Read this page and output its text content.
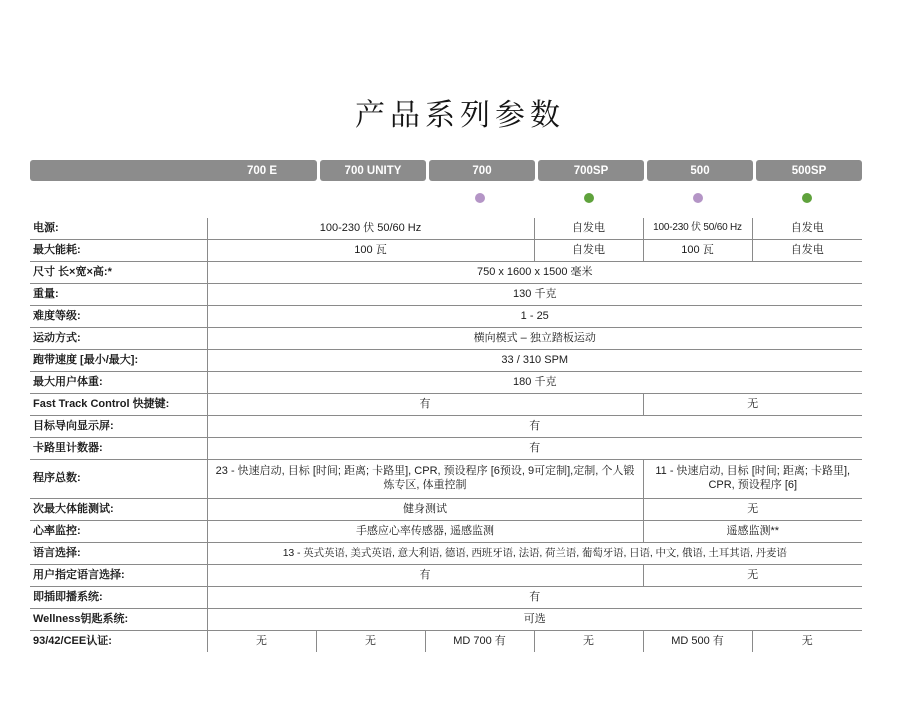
产品系列参数
700 E	700 UNITY	700	700SP	500	500SP
电源:	100-230 伏 50/60 Hz			自发电	100-230 伏 50/60 Hz	自发电
最大能耗:	100 瓦			自发电	100 瓦	自发电
尺寸 长×宽×高:*	750 x 1600 x 1500 毫米					
重量:	130 千克					
难度等级:	1 - 25					
运动方式:	横向模式 – 独立踏板运动					
跑带速度 [最小/最大]:	33 / 310 SPM					
最大用户体重:	180 千克					
Fast Track Control 快捷键:	有				无	
目标导向显示屏:	有					
卡路里计数器:	有					
程序总数:	23 - 快速启动, 目标 [时间; 距离; 卡路里], CPR, 预设程序 [6预设, 9可定制],定制, 个人锻炼专区, 体重控制				11 - 快速启动, 目标 [时间; 距离; 卡路里], CPR, 预设程序 [6]	
次最大体能测试:	健身测试				无	
心率监控:	手感应心率传感器, 遥感监测				遥感监测**	
语言选择:	13 - 英式英语, 美式英语, 意大利语, 德语, 西班牙语, 法语, 荷兰语, 葡萄牙语, 日语, 中文, 俄语, 土耳其语, 丹麦语					
用户指定语言选择:	有				无	
即插即播系统:	有					
Wellness钥匙系统:	可选					
93/42/CEE认证:	无	无	MD 700 有	无	MD 500 有	无
